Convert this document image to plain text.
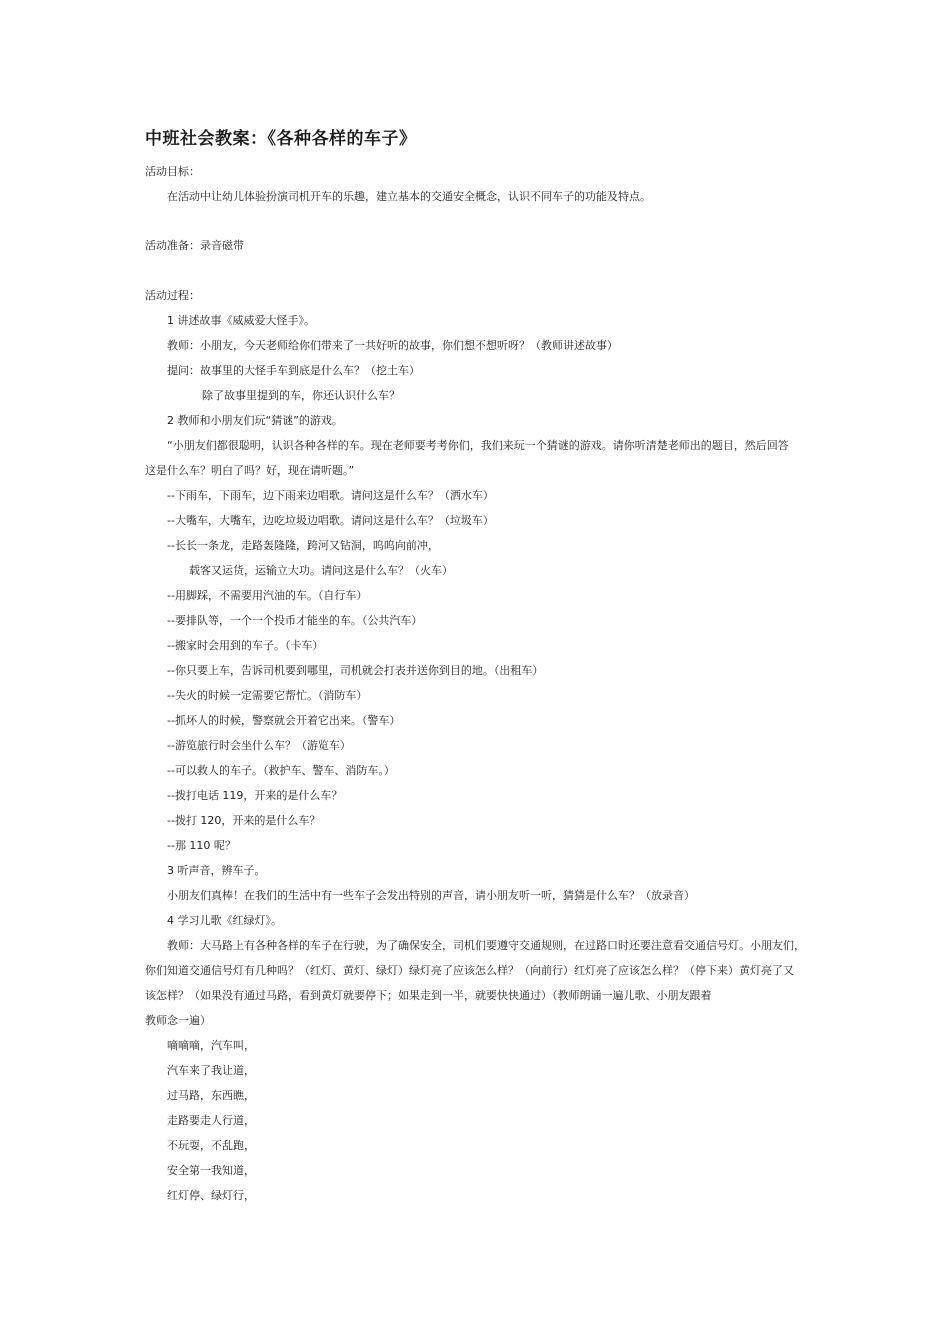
中班社会教案：《各种各样的车子》
活动目标：
在活动中让幼儿体验扮演司机开车的乐趣，建立基本的交通安全概念，认识不同车子的功能及特点。
活动准备：录音磁带
活动过程：
1 讲述故事《威威爱大怪手》。
教师：小朋友，今天老师给你们带来了一共好听的故事，你们想不想听呀？（教师讲述故事）
提问：故事里的大怪手车到底是什么车？（挖土车）
除了故事里提到的车，你还认识什么车？
2 教师和小朋友们玩“猜谜”的游戏。
“小朋友们都很聪明，认识各种各样的车。现在老师要考考你们，我们来玩一个猜谜的游戏。请你听清楚老师出的题目，然后回答
这是什么车？明白了吗？好，现在请听题。”
--下雨车，下雨车，边下雨来边唱歌。请问这是什么车？（洒水车）
--大嘴车，大嘴车，边吃垃圾边唱歌。请问这是什么车？（垃圾车）
--长长一条龙，走路轰隆隆，跨河又钻洞，呜呜向前冲，
载客又运货，运输立大功。请问这是什么车？（火车）
--用脚踩，不需要用汽油的车。（自行车）
--要排队等，一个一个投币才能坐的车。（公共汽车）
--搬家时会用到的车子。（卡车）
--你只要上车，告诉司机要到哪里，司机就会打表并送你到目的地。（出租车）
--失火的时候一定需要它帮忙。（消防车）
--抓坏人的时候，警察就会开着它出来。（警车）
--游览旅行时会坐什么车？（游览车）
--可以救人的车子。（救护车、警车、消防车。）
--拨打电话 119，开来的是什么车？
--拨打 120，开来的是什么车？
--那 110 呢？
3 听声音，辨车子。
小朋友们真棒！在我们的生活中有一些车子会发出特别的声音，请小朋友听一听，猜猜是什么车？（放录音）
4 学习儿歌《红绿灯》。
教师：大马路上有各种各样的车子在行驶，为了确保安全，司机们要遵守交通规则，在过路口时还要注意看交通信号灯。小朋友们，
你们知道交通信号灯有几种吗？（红灯、黄灯、绿灯）绿灯亮了应该怎么样？（向前行）红灯亮了应该怎么样？（停下来）黄灯亮了又
该怎样？（如果没有通过马路，看到黄灯就要停下；如果走到一半，就要快快通过）（教师朗诵一遍儿歌、小朋友跟着
教师念一遍）
嘀嘀嘀，汽车叫，
汽车来了我让道，
过马路，东西瞧，
走路要走人行道，
不玩耍，不乱跑，
安全第一我知道，
红灯停、绿灯行，
